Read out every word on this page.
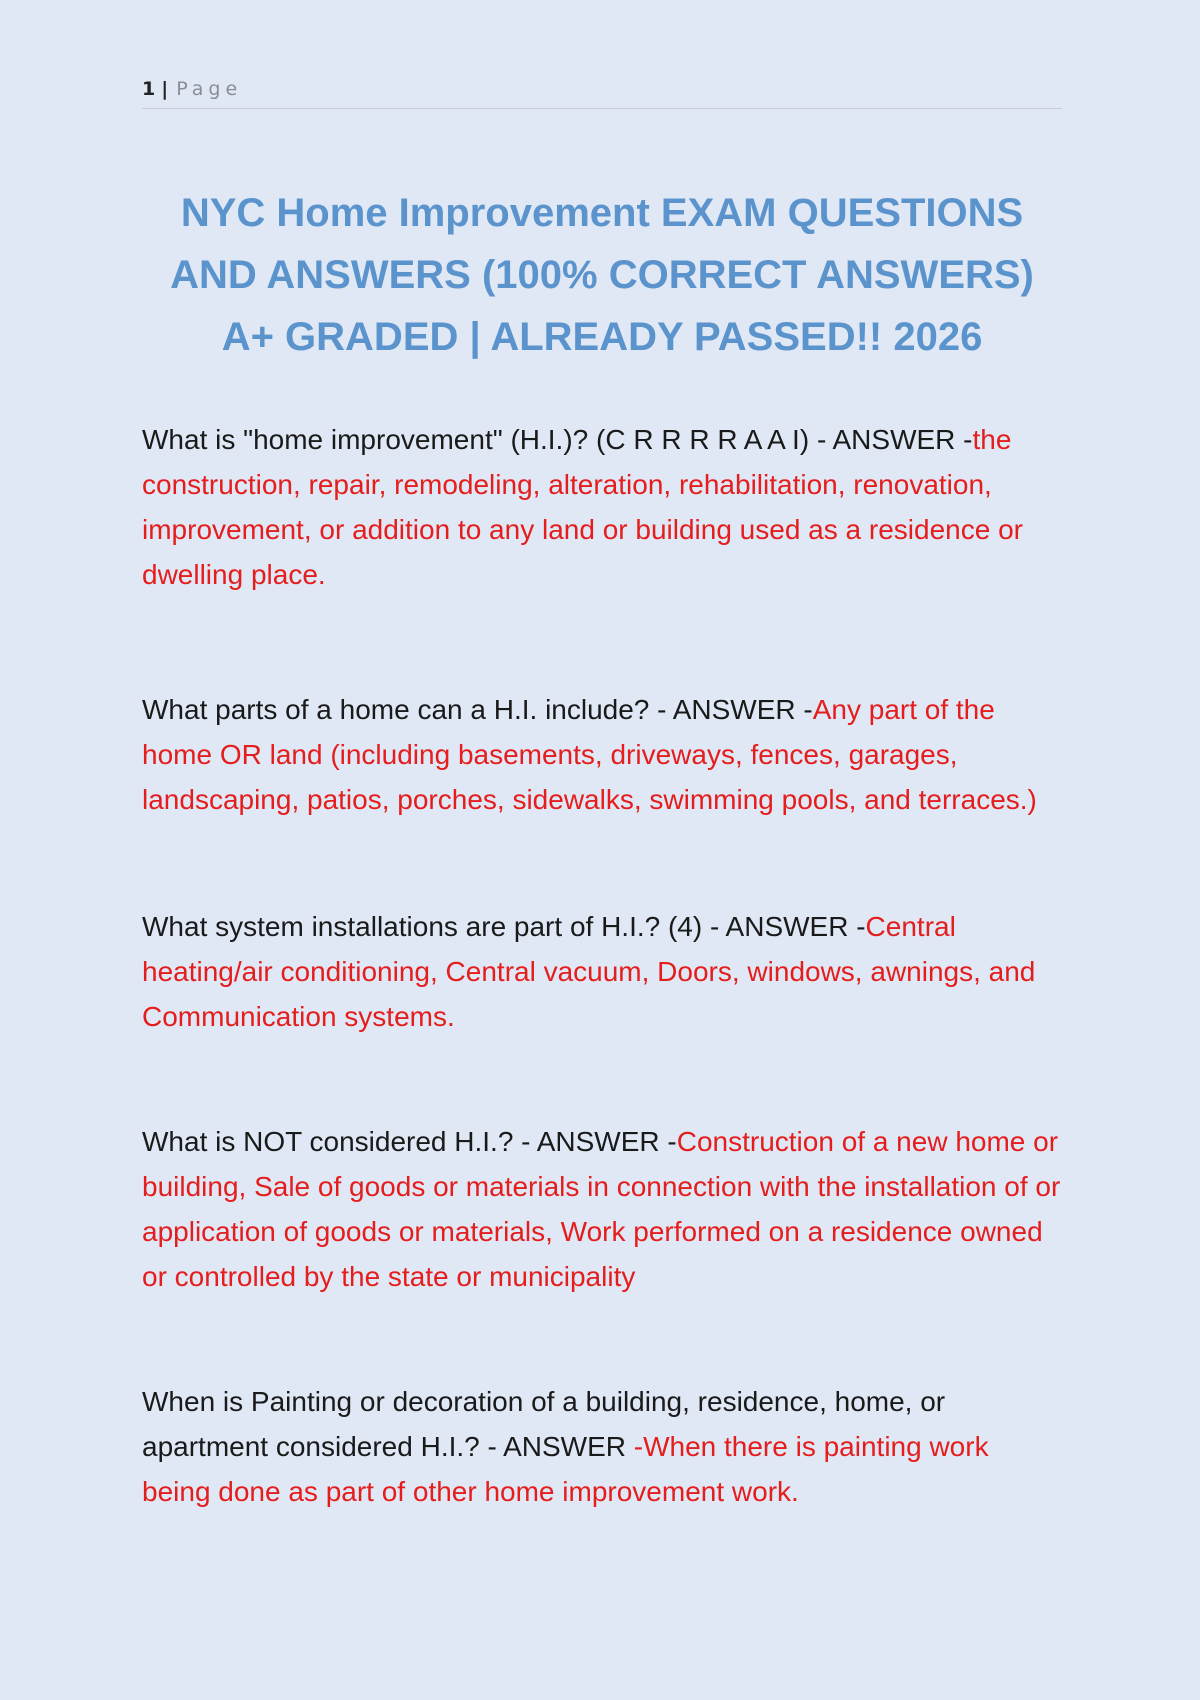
1 | Page
NYC Home Improvement EXAM QUESTIONS AND ANSWERS (100% CORRECT ANSWERS) A+ GRADED | ALREADY PASSED!! 2026

What is "home improvement" (H.I.)? (C R R R R A A I) - ANSWER -the construction, repair, remodeling, alteration, rehabilitation, renovation, improvement, or addition to any land or building used as a residence or dwelling place.

What parts of a home can a H.I. include? - ANSWER -Any part of the home OR land (including basements, driveways, fences, garages, landscaping, patios, porches, sidewalks, swimming pools, and terraces.)

What system installations are part of H.I.? (4) - ANSWER -Central heating/air conditioning, Central vacuum, Doors, windows, awnings, and Communication systems.

What is NOT considered H.I.? - ANSWER -Construction of a new home or building, Sale of goods or materials in connection with the installation of or application of goods or materials, Work performed on a residence owned or controlled by the state or municipality

When is Painting or decoration of a building, residence, home, or apartment considered H.I.? - ANSWER -When there is painting work being done as part of other home improvement work.
